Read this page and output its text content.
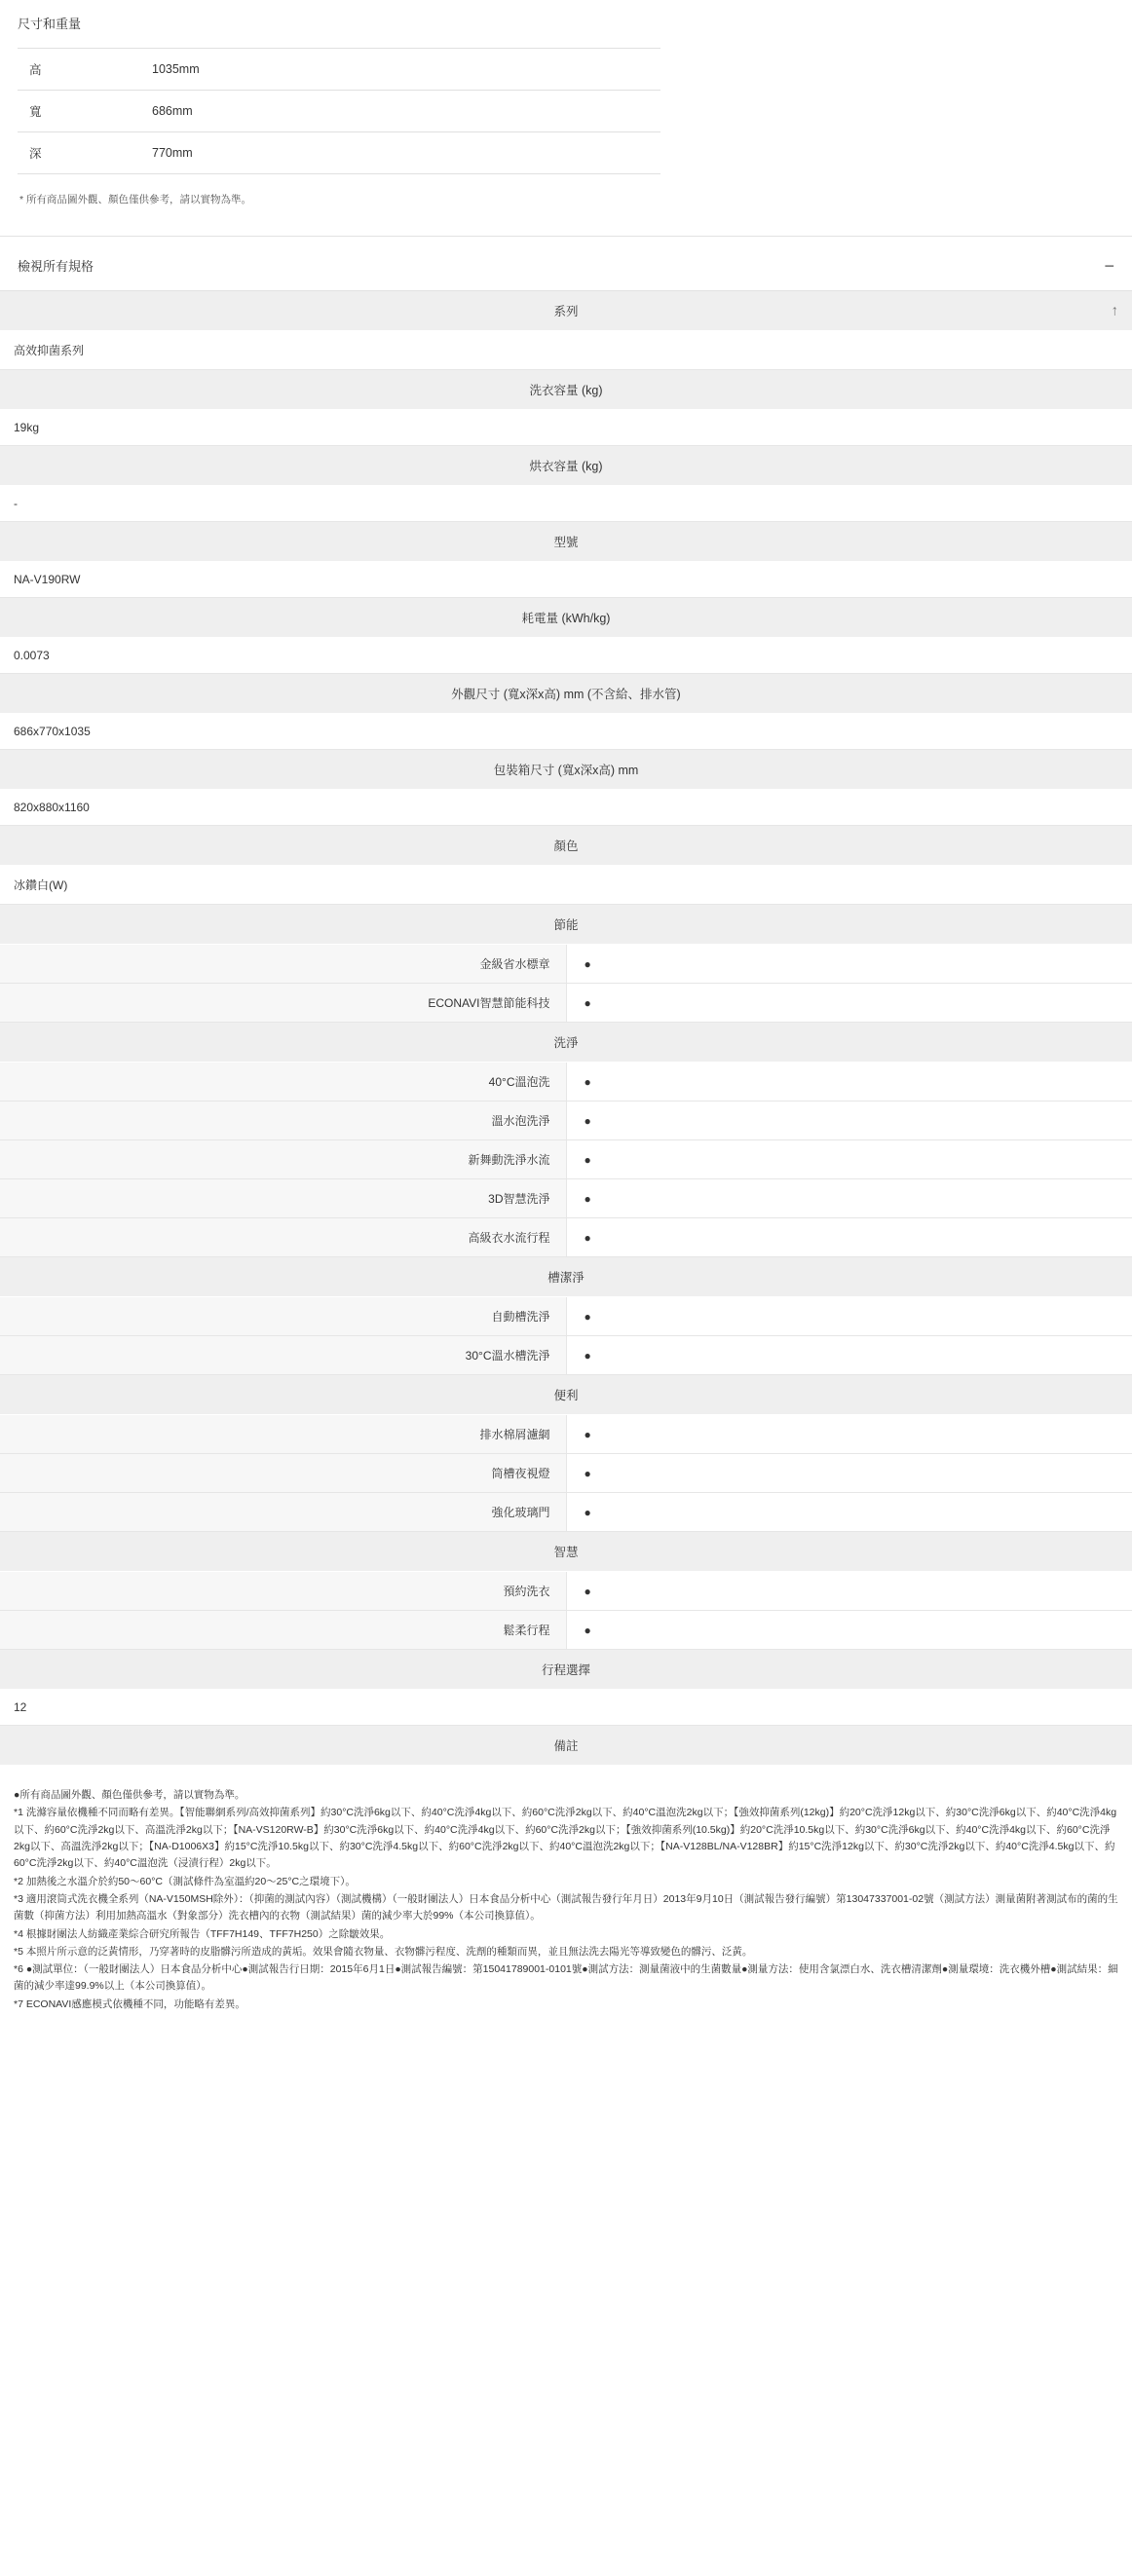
尺寸和重量
高	1035mm
寬	686mm
深	770mm
* 所有商品圖外觀、顏色僅供參考，請以實物為準。
檢視所有規格	−
系列 ↑	

高效抑菌系列	
洗衣容量 (kg)	
19kg	
烘衣容量 (kg)	
-	
型號	
NA-V190RW	
耗電量 (kWh/kg)	
0.0073	
外觀尺寸 (寬x深x高) mm (不含給、排水管)	
686x770x1035	
包裝箱尺寸 (寬x深x高) mm	
820x880x1160	
顏色	
冰鑽白(W)	
節能	
金級省水標章	●
ECONAVI智慧節能科技	●
洗淨	
40°C溫泡洗	●
溫水泡洗淨	●
新舞動洗淨水流	●
3D智慧洗淨	●
高級衣水流行程	●
槽潔淨	
自動槽洗淨	●
30°C溫水槽洗淨	●
便利	
排水棉屑濾網	●
筒槽夜視燈	●
強化玻璃門	●
智慧	
預約洗衣	●
鬆柔行程	●
行程選擇	
12	
備註	

●所有商品圖外觀、顏色僅供參考，請以實物為準。

*1 洗滌容量依機種不同而略有差異。【智能聯網系列/高效抑菌系列】約30°C洗淨6kg以下、約40°C洗淨4kg以下、約60°C洗淨2kg以下、約40°C溫泡洗2kg以下；【強效抑菌系列(12kg)】約20°C洗淨12kg以下、約30°C洗淨6kg以下、約40°C洗淨4kg以下、約60°C洗淨2kg以下、高溫洗淨2kg以下；【NA-VS120RW-B】約30°C洗淨6kg以下、約40°C洗淨4kg以下、約60°C洗淨2kg以下；【強效抑菌系列(10.5kg)】約20°C洗淨10.5kg以下、約30°C洗淨6kg以下、約40°C洗淨4kg以下、約60°C洗淨2kg以下、高溫洗淨2kg以下；【NA-D1006X3】約15°C洗淨10.5kg以下、約30°C洗淨4.5kg以下、約60°C洗淨2kg以下、約40°C溫泡洗2kg以下；【NA-V128BL/NA-V128BR】約15°C洗淨12kg以下、約30°C洗淨2kg以下、約40°C洗淨4.5kg以下、約60°C洗淨2kg以下、約40°C溫泡洗（浸漬行程）2kg以下。

*2 加熱後之水溫介於約50～60°C（測試條件為室溫約20～25°C之環境下）。

*3 適用滾筒式洗衣機全系列（NA-V150MSH除外）：（抑菌的測試內容）（測試機構）（一般財團法人）日本食品分析中心（測試報告發行年月日）2013年9月10日（測試報告發行編號）第13047337001-02號（測試方法）測量菌附著測試布的菌的生菌數（抑菌方法）利用加熱高溫水（對象部分）洗衣槽內的衣物（測試結果）菌的減少率大於99%（本公司換算值）。

*4 根據財團法人紡織產業綜合研究所報告（TFF7H149、TFF7H250）之除皺效果。

*5 本照片所示意的泛黃情形，乃穿著時的皮脂髒污所造成的黃垢。效果會隨衣物量、衣物髒污程度、洗劑的種類而異，並且無法洗去陽光等導致變色的髒污、泛黃。

*6 ●測試單位：（一般財團法人）日本食品分析中心●測試報告行日期：2015年6月1日●測試報告編號：第15041789001-0101號●測試方法：測量菌液中的生菌數量●測量方法：使用含氯漂白水、洗衣槽清潔劑●測量環境：洗衣機外槽●測試結果：細菌的減少率達99.9%以上（本公司換算值）。

*7 ECONAVI感應模式依機種不同，功能略有差異。
